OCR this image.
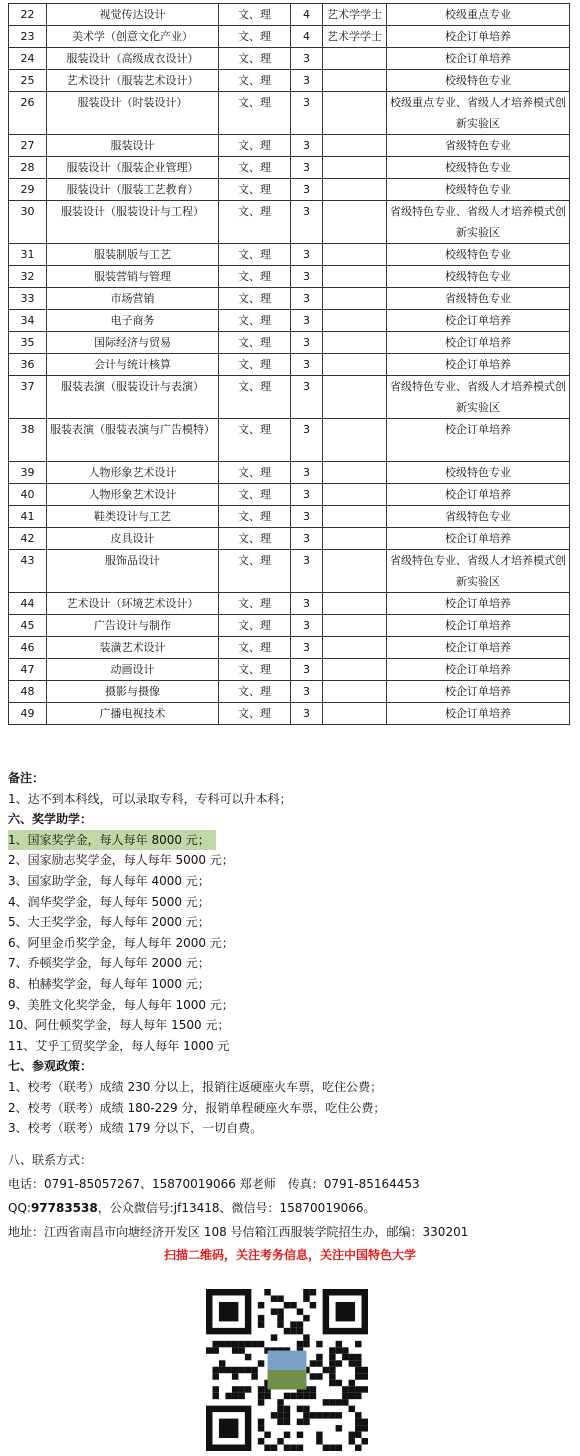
22	视觉传达设计	文、理	4	艺术学学士	校级重点专业
23	美术学（创意文化产业）	文、理	4	艺术学学士	校企订单培养
24	服装设计（高级成衣设计）	文、理	3		校企订单培养
25	艺术设计（服装艺术设计）	文、理	3		校级特色专业
26	服装设计（时装设计）	文、理	3		校级重点专业、省级人才培养模式创新实验区
27	服装设计	文、理	3		省级特色专业
28	服装设计（服装企业管理）	文、理	3		校级特色专业
29	服装设计（服装工艺教育）	文、理	3		校级特色专业
30	服装设计（服装设计与工程）	文、理	3		省级特色专业、省级人才培养模式创新实验区
31	服装制版与工艺	文、理	3		校级特色专业
32	服装营销与管理	文、理	3		校级特色专业
33	市场营销	文、理	3		省级特色专业
34	电子商务	文、理	3		校企订单培养
35	国际经济与贸易	文、理	3		校企订单培养
36	会计与统计核算	文、理	3		校企订单培养
37	服装表演（服装设计与表演）	文、理	3		省级特色专业、省级人才培养模式创新实验区
38	服装表演（服装表演与广告模特）	文、理	3		校企订单培养
39	人物形象艺术设计	文、理	3		校级特色专业
40	人物形象艺术设计	文、理	3		校企订单培养
41	鞋类设计与工艺	文、理	3		省级特色专业
42	皮具设计	文、理	3		校企订单培养
43	服饰品设计	文、理	3		省级特色专业、省级人才培养模式创新实验区
44	艺术设计（环境艺术设计）	文、理	3		校企订单培养
45	广告设计与制作	文、理	3		校企订单培养
46	装潢艺术设计	文、理	3		校企订单培养
47	动画设计	文、理	3		校企订单培养
48	摄影与摄像	文、理	3		校企订单培养
49	广播电视技术	文、理	3		校企订单培养
备注：
1、达不到本科线，可以录取专科，专科可以升本科；
六、奖学助学：
1、国家奖学金，每人每年 8000 元；
2、国家励志奖学金，每人每年 5000 元；
3、国家助学金，每人每年 4000 元；
4、润华奖学金，每人每年 5000 元；
5、大王奖学金，每人每年 2000 元；
6、阿里金币奖学金，每人每年 2000 元；
7、乔顿奖学金，每人每年 2000 元；
8、柏赫奖学金，每人每年 1000 元；
9、美胜文化奖学金，每人每年 1000 元；
10、阿仕顿奖学金，每人每年 1500 元；
11、艾乎工贸奖学金，每人每年 1000 元
七、参观政策：
1、校考（联考）成绩 230 分以上，报销往返硬座火车票，吃住公费；
2、校考（联考）成绩 180-229 分，报销单程硬座火车票，吃住公费；
3、校考（联考）成绩 179 分以下，一切自费。
八、联系方式：
电话：0791-85057267、15870019066 郑老师　传真：0791-85164453
QQ:97783538，公众微信号:jf13418、微信号：15870019066。
地址：江西省南昌市向塘经济开发区 108 号信箱江西服装学院招生办，邮编：330201
扫描二维码，关注考务信息，关注中国特色大学
